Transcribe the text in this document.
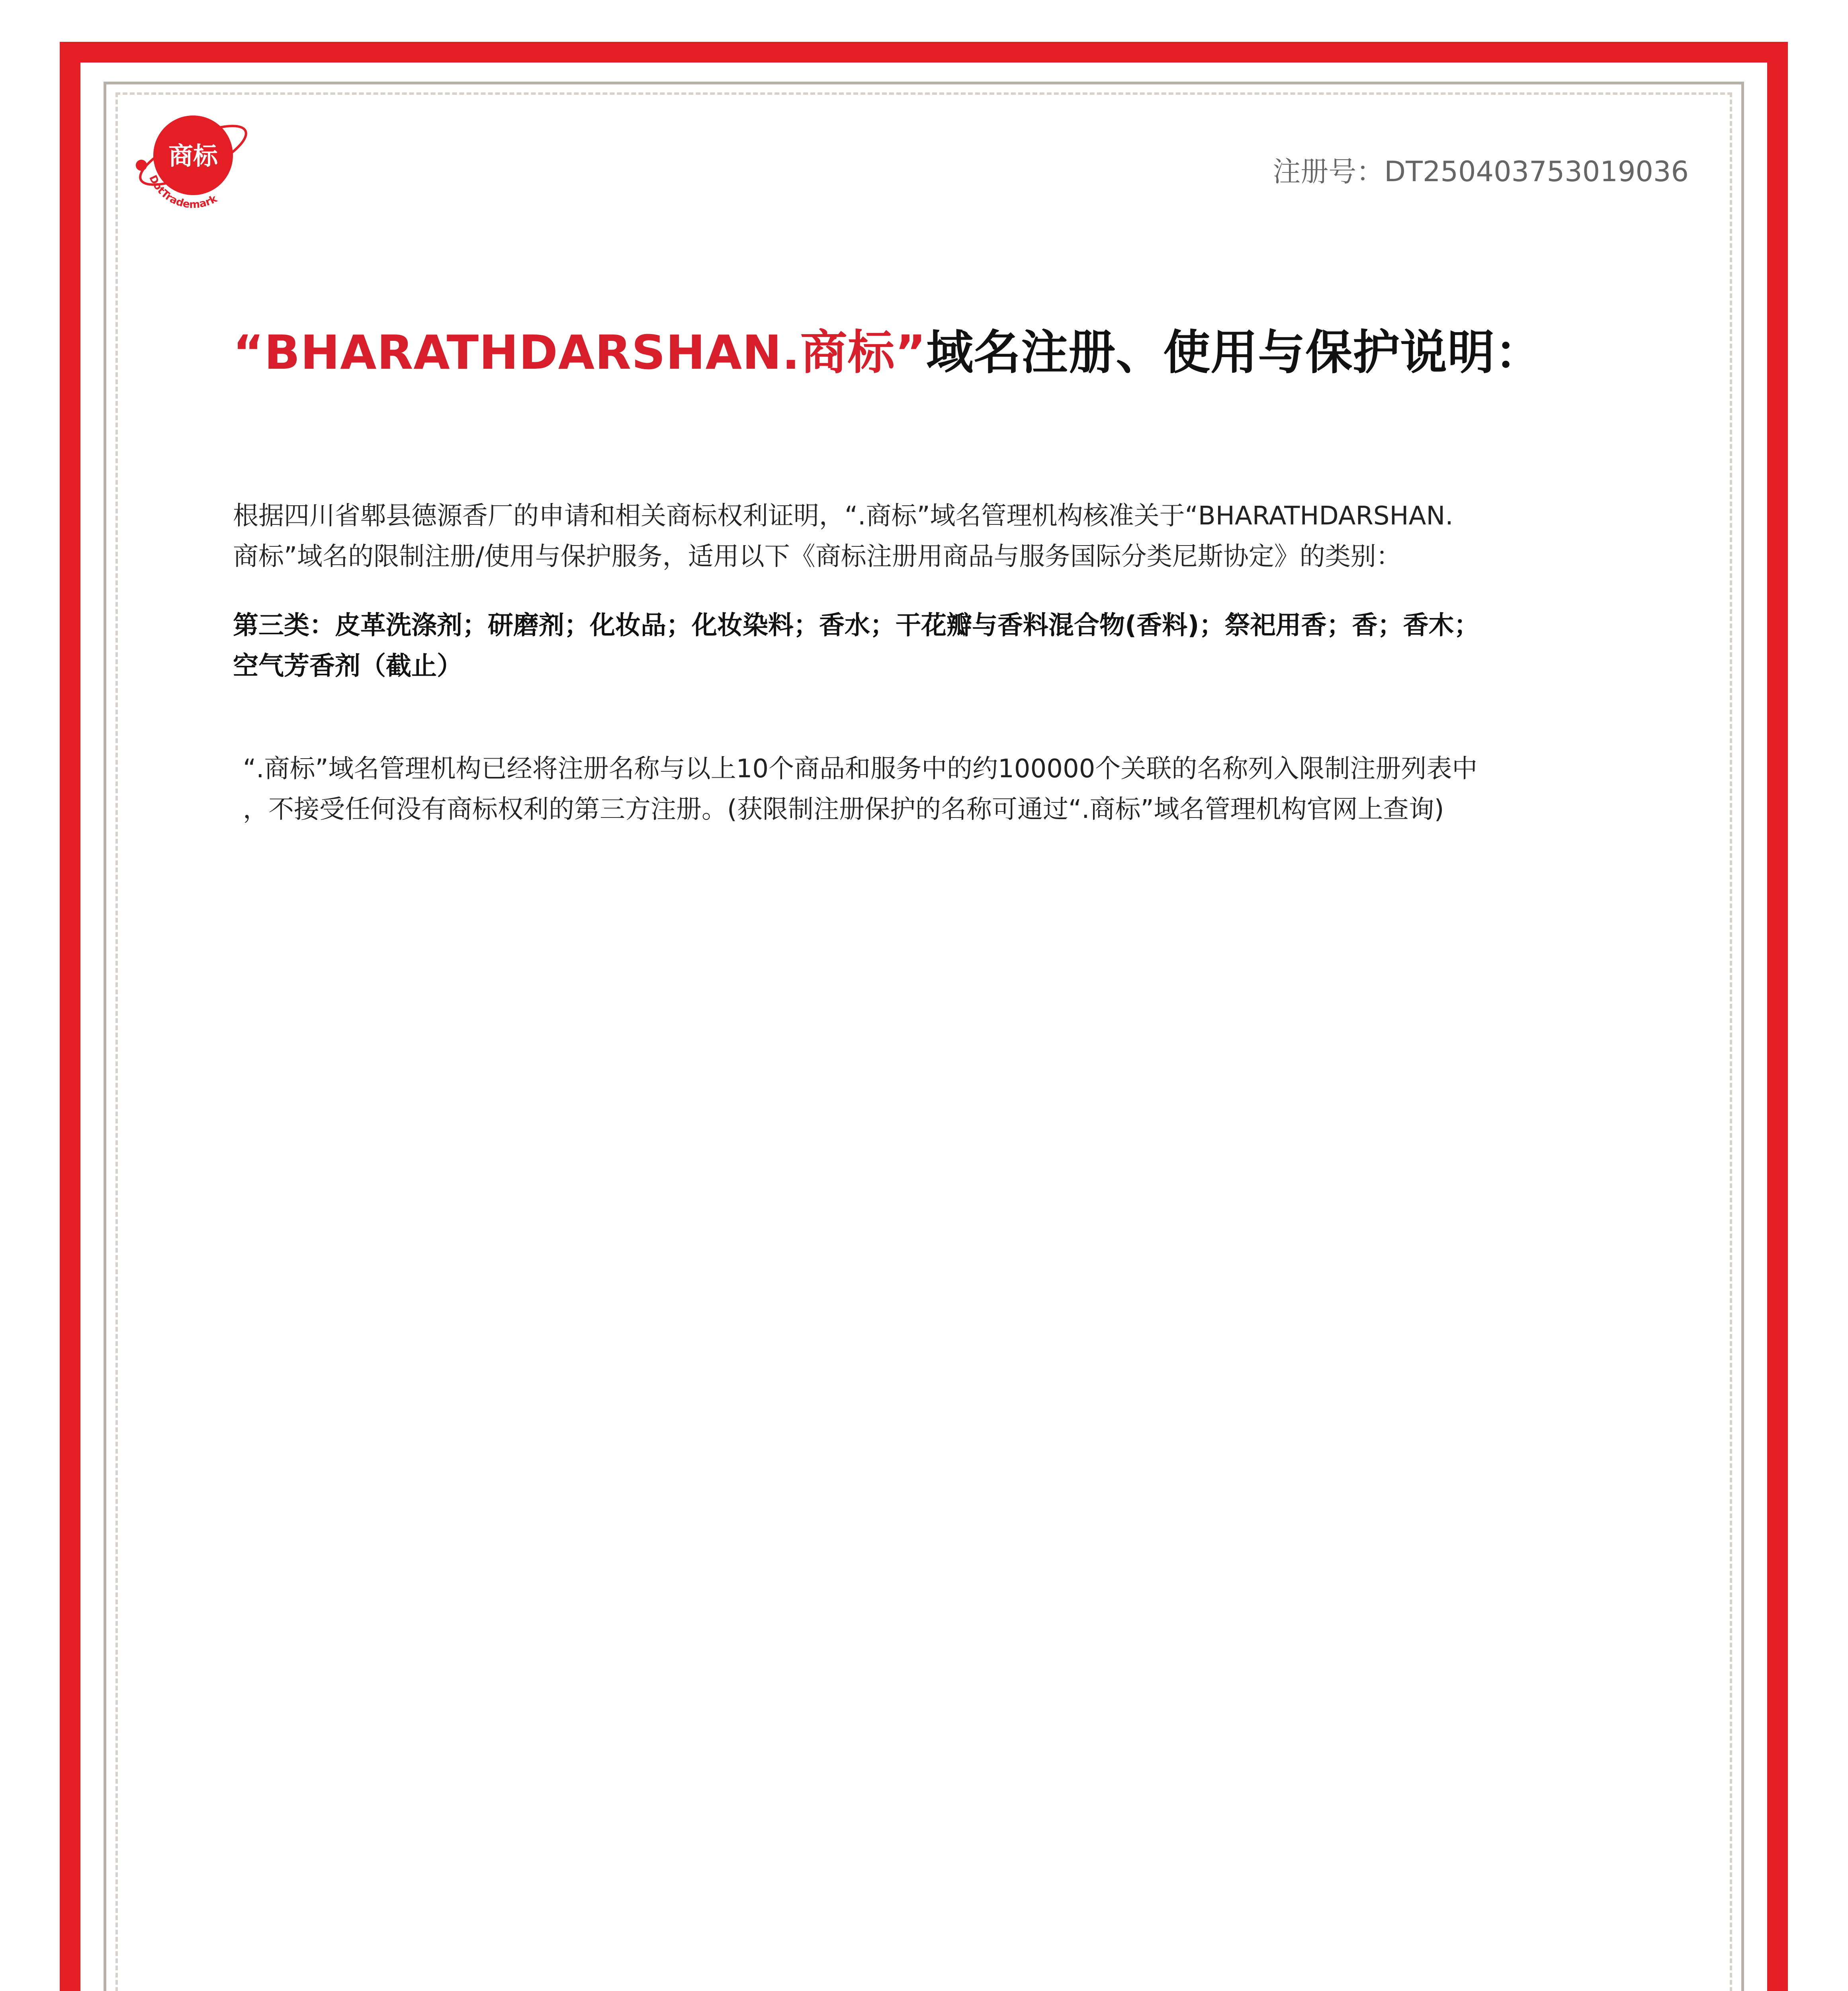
商标
DotTrademark
注册号：DT250403753019036
“BHARATHDARSHAN.商标”域名注册、使用与保护说明：
根据四川省郫县德源香厂的申请和相关商标权利证明，“.商标”域名管理机构核准关于“BHARATHDARSHAN.
商标”域名的限制注册/使用与保护服务，适用以下《商标注册用商品与服务国际分类尼斯协定》的类别：
第三类：皮革洗涤剂；研磨剂；化妆品；化妆染料；香水；干花瓣与香料混合物(香料)；祭祀用香；香；香木；
空气芳香剂（截止）
“.商标”域名管理机构已经将注册名称与以上10个商品和服务中的约100000个关联的名称列入限制注册列表中
，不接受任何没有商标权利的第三方注册。(获限制注册保护的名称可通过“.商标”域名管理机构官网上查询)
